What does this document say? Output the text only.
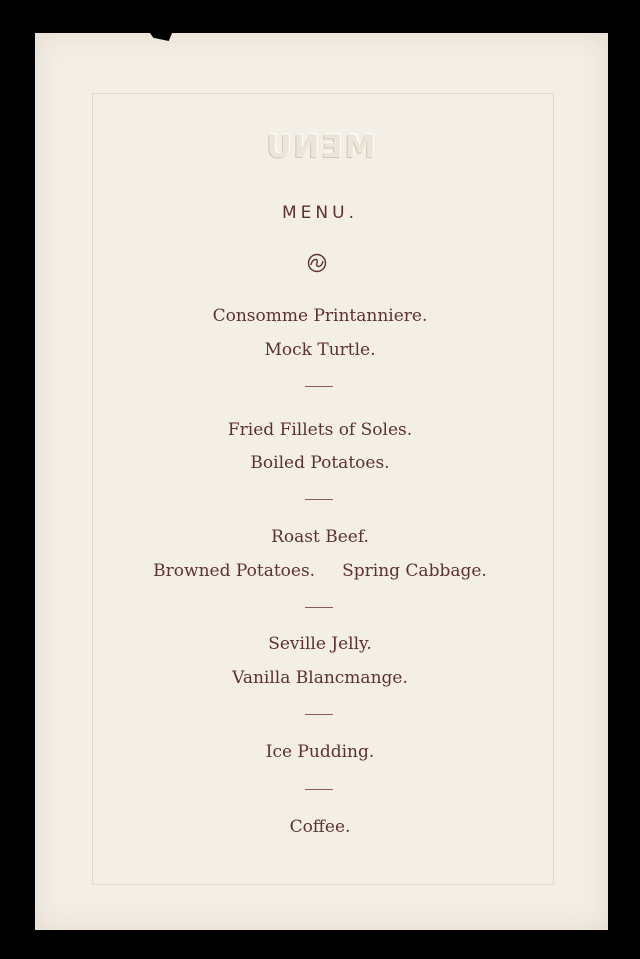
MENU
MENU.
Consomme Printanniere.
Mock Turtle.
Fried Fillets of Soles.
Boiled Potatoes.
Roast Beef.
Browned Potatoes.     Spring Cabbage.
Seville Jelly.
Vanilla Blancmange.
Ice Pudding.
Coffee.
